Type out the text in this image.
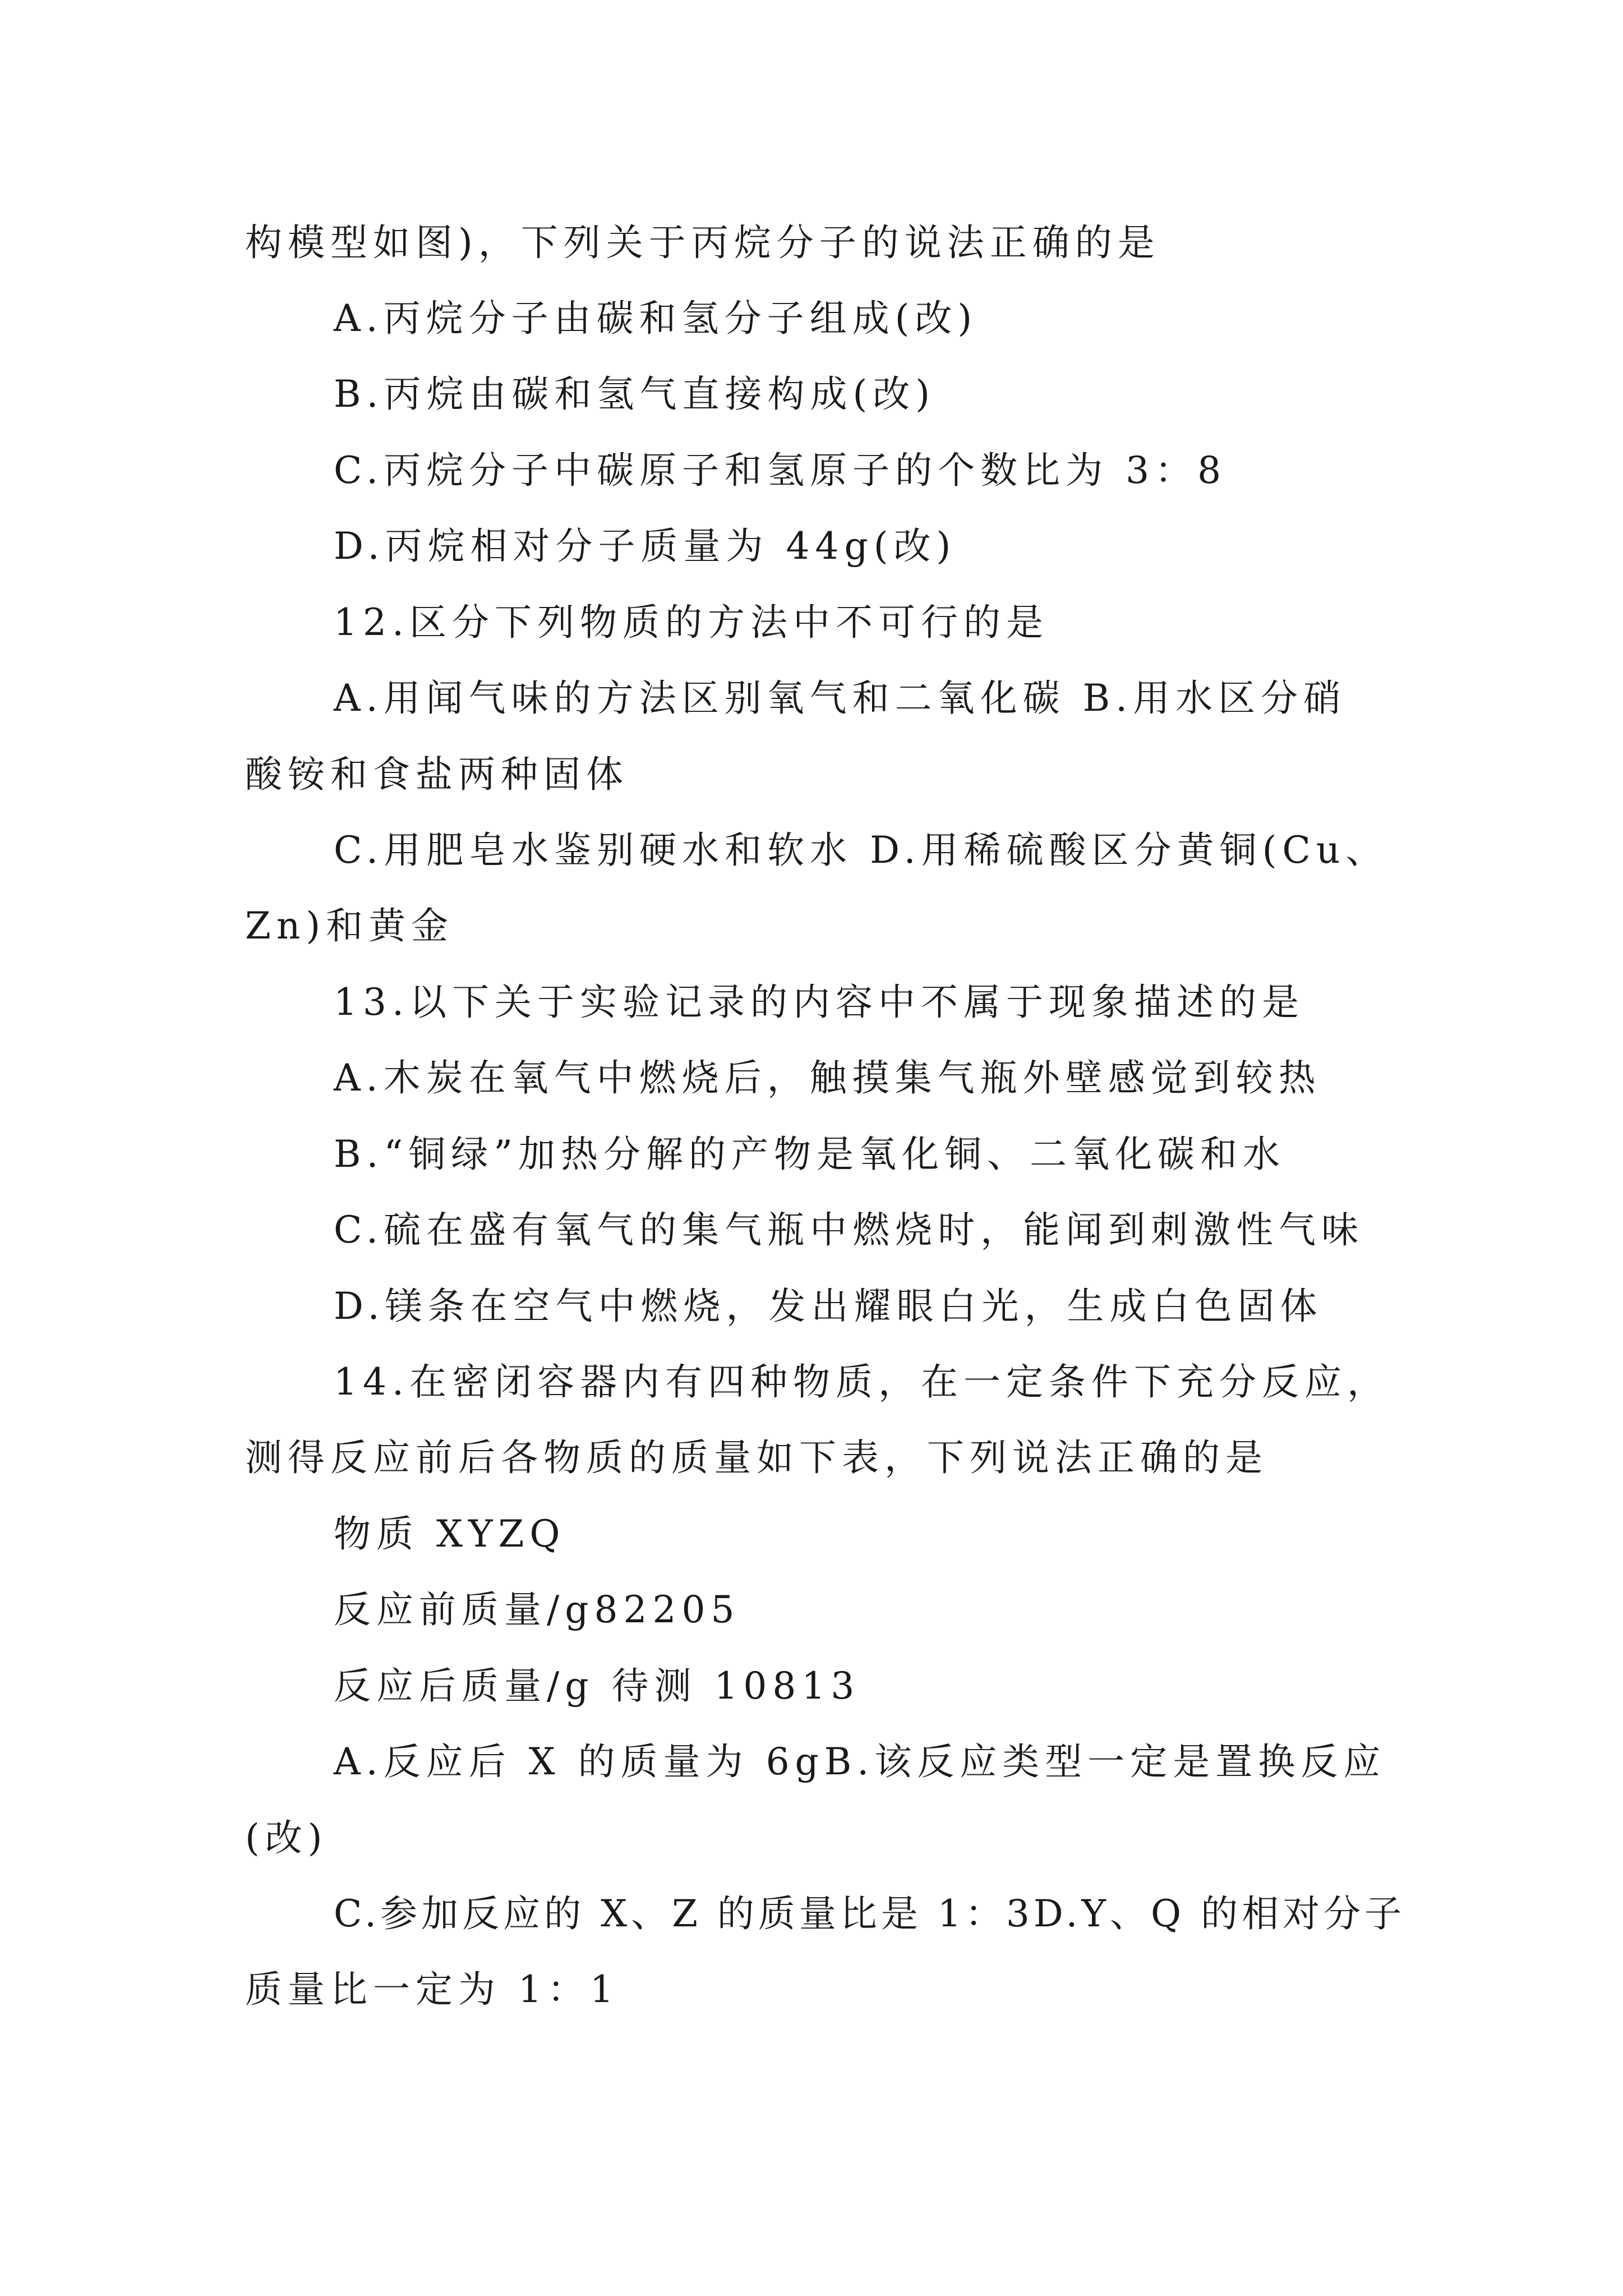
构模型如图)，下列关于丙烷分子的说法正确的是
A.丙烷分子由碳和氢分子组成(改)
B.丙烷由碳和氢气直接构成(改)
C.丙烷分子中碳原子和氢原子的个数比为 3：8
D.丙烷相对分子质量为 44g(改)
12.区分下列物质的方法中不可行的是
A.用闻气味的方法区别氧气和二氧化碳 B.用水区分硝
酸铵和食盐两种固体
C.用肥皂水鉴别硬水和软水 D.用稀硫酸区分黄铜(Cu、
Zn)和黄金
13.以下关于实验记录的内容中不属于现象描述的是
A.木炭在氧气中燃烧后，触摸集气瓶外壁感觉到较热
B.“铜绿”加热分解的产物是氧化铜、二氧化碳和水
C.硫在盛有氧气的集气瓶中燃烧时，能闻到刺激性气味
D.镁条在空气中燃烧，发出耀眼白光，生成白色固体
14.在密闭容器内有四种物质，在一定条件下充分反应，
测得反应前后各物质的质量如下表，下列说法正确的是
物质 XYZQ
反应前质量/g82205
反应后质量/g 待测 10813
A.反应后 X 的质量为 6gB.该反应类型一定是置换反应
(改)
C.参加反应的 X、Z 的质量比是 1：3D.Y、Q 的相对分子
质量比一定为 1：1
